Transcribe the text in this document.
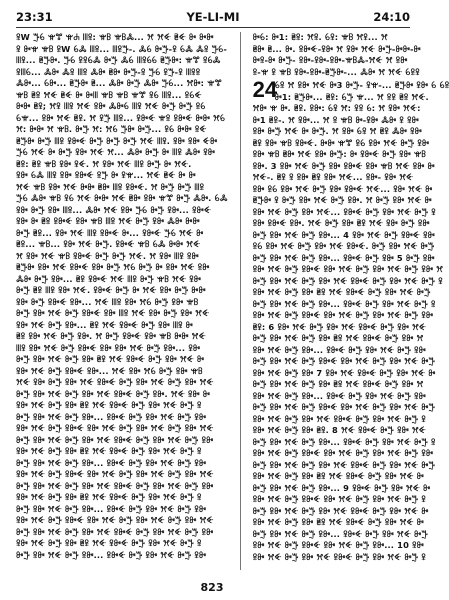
23:31	YE-LI-MI	24:10
ꕉW ꔓꕃ ꕍꔅ ꕍꕈ ꔖꕉ: ꕍꕗ ꕍꕗꔆ... ꕮ ꕮꔾ ꕇꔾ ꔻ ꔻꔻ
ꕉ ꔻꕍ ꕍꕗ ꕉW ꕃꔆ ꔖꕉ... ꔖꕉꔓ-. ꔆꕃ ꔻꔓ-ꕉ ꕃꔆ ꔆꕉ ꔓꕃ-
ꔖꕉ... ꕇꔓꔻ. ꔓꕃ ꕉꕉꕃꔆ ꔻꔓ ꔆꕃ ꔖꕉꕃꕃ ꕇꔓꔻ: ꕍꔅ ꕉꕃꔆ
ꕉꔖꕃ... ꔆꔻ ꔆꕉ ꔖꕉ ꔆꔻ ꕇꔻ ꔻꔓ-ꕉ ꔓꕃ ꕉꔓ-ꕉ ꔖꕉꕉ
ꔆꔻ... ꕃꔻ... ꕇꔓꔻ ꕇ... ꔆꔻ ꔻꔓ ꔆꔻ ꔓꕃ... ꕮꔻ: ꕍꔅ
ꕍꕗ ꕇꕉ ꕮꔾ ꕇꔾ ꔻ ꔻꔖ ꕍꕗ ꕍꕗ ꕍꔅ ꕉꕃ ꔖꕉ... ꕉꕃꔾ
ꔻꔻ ꕇꕉ; ꕮꕉ ꔖꕉ ꕮꔾ ꕉꔻ ꔆꔻꕃ ꔖꕉ ꕮꔾ ꔻꔓ ꔻꔓ ꕉꕃ
ꕃꕍ... ꕉꔻ ꕮꔾ ꕇꕉ. ꕮ ꕉꔓ ꔖꕉ... ꕉꔻꔾ ꕍꕉ ꕉꔻꔾ ꔻꔻ ꕮꕃ
ꕮ: ꔻꔻ ꕮ ꕍꕗ. ꔻꔓ ꕮ: ꕮꕃ ꔓꔻ ꔻꔓ... ꕉꕃ ꔻꔻ ꕉꔾ
ꕇꔓꔻ ꔻꔓ ꔖꕉ ꕉꔻꔾ ꔻꔓ ꔻꔓ ꔻꔓ ꕮꔾ ꔖꕉ. ꕉꔻ ꕉꔻ ꔾꔻ
ꔓꕃ ꕮꔾ ꔻ ꔻꔓ ꕉꔻ ꕮꔾ ꕮ... ꔆꔻ ꔻꔓ ꔻ ꔖꕉ ꔆꔻ ꕉꔻ
ꕇꕉ: ꕇꕉ ꕍꕗ ꕉꔻ ꕉꔾ. ꕮ ꕉꔻ ꕮꔾ ꔖꕉ ꔻꔓ ꔻ ꕮꔾ.
ꕉꔻ ꕃꔆ ꔖꕉ ꕉꔻ ꕉꔻꔾ ꕉꔓ ꔻ ꕉꕍ... ꕮꔾ ꕇꔾ ꔻ ꔻ
ꕮꔾ ꕍꕗ ꕉꔻ ꕮꔾ ꔻꔻ ꕇꔻ ꔖꕉ ꕉꔻꔾ. ꕮ ꔻꔓ ꔻꔓ ꔖꕉ
ꔓꕃ ꔆꔻ ꕍꕗ ꕉꕃ ꕮꔾ ꔻꔻ ꕮꔾ ꕇꔻ ꕉꔻ ꕍꔅ ꔻꔓ ꔆꔻ. ꕃꔆ
ꕉꔻ ꔻꔓ ꕉꔻ ꔖꕉ... ꔆꔻ ꕮꔾ ꕉꔻ ꔓꕃ ꔻꔓ ꕉꔻ... ꕉꔻꔾ
ꕉꔻ ꔻ ꕇꕉ ꕉꔻꔾ ꕉꔻ ꕍꕗ ꔖꕉ ꕮꔾ ꔻꔓ ꕉꔻ ꔆꔻ ꔻꔻ
ꔻꔓ ꕇꕉ... ꕉꔻ ꕮꔾ ꔖꕉ ꕉꔻꔾ ꔻ... ꕉꔻꔾ ꔓꕃ ꕮꔾ ꔻ
ꕇꕉ... ꕍꕗ... ꕉꔻ ꕮꔾ ꔻꔓ. ꕉꔻꔾ ꕍꕗ ꕃꔆ ꔻꔻ ꕮꔾ
ꕮ ꕉꔻ ꕮꔾ ꕍꕗ ꕉꔻꔾ ꔻꔓ ꔻꔓ ꕮꔾ. ꕮ ꕉꔻ ꔖꕉ ꕉꔻ
ꕇꔓꔻ ꕉꔻ ꕮꔾ ꕉꔻꔾ ꕉꔻ ꔻꔓ ꕮꕃ ꔻꔓ ꔻ ꕉꔻ ꕮꔾ ꕉꔻ
ꔆꔻ ꔻꔓ ꕉꔻ... ꕇꕉ ꕉꔻꔾ ꕮꔾ ꔖꕉ ꔻꔓ ꕍꕗ ꕮꔾ ꕉꔻ
ꔻꔓ ꕇꕉ ꔖꕉ ꕉꔻ ꕮꔾ. ꕉꔻꔾ ꔻꔓ ꔻ ꕮꔾ ꕉꔻ ꔻꔓ ꔻꔻ
ꕉꔻ ꔻꔓ ꕉꔻꔾ ꕉꔻ... ꕮꔾ ꔖꕉ ꕉꔻ ꕮꕃ ꔻꔓ ꕉꔻ ꕍꕗ
ꔻꔓ ꕉꔻ ꕮꔾ ꔻꔓ ꕉꔻꔾ ꕉꔻ ꔖꕉ ꕮꔾ ꕉꔻ ꔻꔓ ꕉꔻ ꕮꔾ
ꕉꔻ ꕮꔾ ꔻꔓ ꕉꔻ... ꕇꕉ ꕮꔾ ꕉꔻꔾ ꔻꔓ ꕉꔻ ꔖꕉ ꔻ
ꕇꕉ ꕉꔻ ꕮꔾ ꔻꔓ ꕉꔻ. ꕮ ꔻꔓ ꕉꔻꔾ ꕉꔻ ꕍꕗ ꔻꔻ ꕮꔾ
ꔖꕉ ꕉꔻ ꕮꔾ ꔻꔓ ꕉꔻꔾ ꕉꔻ ꕉꔻ ꕮꔾ ꔻꔓ ꕉꔻ... ꕉꔻ
ꔻꔓ ꕉꔻ ꕮꔾ ꔻꔓ ꕉꔻ ꕇꕉ ꕮꔾ ꕉꔻꔾ ꔻꔓ ꕉꔻ ꕮꔾ ꔻ
ꕉꔻ ꕮꔾ ꔻꔓ ꕉꔻꔾ ꕉꔻ... ꕮꔾ ꕉꔻ ꕮꕃ ꔻꔓ ꕉꔻ ꕍꕗ
ꕮꔾ ꕉꔻ ꔻꔓ ꕉꔻ ꕮꔾ ꕉꔻꔾ ꔻꔓ ꕉꔻ ꕮꔾ ꔻꔓ ꕉꔻ ꕮꔾ
ꔻꔓ ꕉꔻ ꕮꔾ ꔻꔓ ꕉꔻ ꕮꔾ ꕉꔻꔾ ꔻꔓ ꕉꔻ. ꕮꔾ ꕉꔻ ꔻ
ꕉꔻ ꕮꔾ ꔻꔓ ꕉꔻ ꕇꕉ ꕮꔾ ꕉꔻꔾ ꔻꔓ ꕉꔻ ꕮꔾ ꔻꔓ ꕉ
ꔻꔓ ꕉꔻ ꕮꔾ ꔻꔓ ꕉꔻ... ꕉꔻꔾ ꔻꔓ ꕉꔻ ꕮꔾ ꔻꔓ ꕉꔻ
ꕉꔻ ꕮꔾ ꔻꔓ ꕉꔻꔾ ꕉꔻ ꕮꔾ ꔻꔓ ꕉꔻ ꕮꔾ ꔻꔓ ꕉꔻ ꕮꔾ
ꔻꔓ ꕉꔻ ꕮꔾ ꔻꔓ ꕉꔻ ꕮꔾ ꕉꔻꔾ ꔻꔓ ꕉꔻ ꕮꔾ ꔻꔓ ꕉꔻ
ꕉꔻ ꕮꔾ ꔻꔓ ꕉꔻ ꕇꕉ ꕮꔾ ꕉꔻꔾ ꔻꔓ ꕉꔻ ꕮꔾ ꔻꔓ ꕉ
ꔻꔓ ꕉꔻ ꕮꔾ ꔻꔓ ꕉꔻ... ꕉꔻꔾ ꔻꔓ ꕉꔻ ꕮꔾ ꔻꔓ ꕉꔻ
ꕉꔻ ꕮꔾ ꔻꔓ ꕉꔻꔾ ꕉꔻ ꕮꔾ ꔻꔓ ꕉꔻ ꕮꔾ ꔻꔓ ꕉꔻ ꕮꔾ
ꔻꔓ ꕉꔻ ꕮꔾ ꔻꔓ ꕉꔻ ꕮꔾ ꕉꔻꔾ ꔻꔓ ꕉꔻ ꕮꔾ ꔻꔓ ꕉꔻ
ꕉꔻ ꕮꔾ ꔻꔓ ꕉꔻ ꕇꕉ ꕮꔾ ꕉꔻꔾ ꔻꔓ ꕉꔻ ꕮꔾ ꔻꔓ ꕉ
ꔻꔓ ꕉꔻ ꕮꔾ ꔻꔓ ꕉꔻ... ꕉꔻꔾ ꔻꔓ ꕉꔻ ꕮꔾ ꔻꔓ ꕉꔻ
ꕉꔻ ꕮꔾ ꔻꔓ ꕉꔻꔾ ꕉꔻ ꕮꔾ ꔻꔓ ꕉꔻ ꕮꔾ ꔻꔓ ꕉꔻ ꕮꔾ
ꔻꔓ ꕉꔻ ꕮꔾ ꔻꔓ ꕉꔻ ꕮꔾ ꕉꔻꔾ ꔻꔓ ꕉꔻ ꕮꔾ ꔻꔓ ꕉꔻ
ꕉꔻ ꕮꔾ ꔻꔓ ꕉꔻ ꕇꕉ ꕮꔾ ꕉꔻꔾ ꔻꔓ ꕉꔻ ꕮꔾ ꔻꔓ ꕉ
ꔻꔓ ꕉꔻ ꕮꔾ ꔻꔓ ꕉꔻ... ꕉꔻꔾ ꔻꔓ ꕉꔻ ꕮꔾ ꔻꔓ ꕉꔻ
ꔻꕃ: ꔻ1: ꕇꕉ: ꕮꕉ. ꕃꕉ: ꕍꕗ ꕮꕉ... ꕮ
ꕇꔻ ꕇ... ꔻ. ꕉꔻꔾ-ꕉꔻ ꕮ ꕉꔻ ꕮꔾ ꔻꔓ-ꔻꔻ-ꔻ
ꔻꕉ-ꔻ ꔻꔓ- ꕉꔻ-ꕉꔻ-ꕉꔻ-ꕍꕗꔆ-ꕮꔾ ꕮ ꕉꔻ
ꕉ-ꕍ ꕉ ꕍꕗ ꕉꔻ-ꕉꔻ-ꕇꔓꔻ-... ꔆꔻ ꕮ ꕮꔾ ꕃꕉꕉ
24
ꕃꕉ ꕮ ꕉꔻ ꕮꔾ ꔻ3 ꔻꔓ- ꕉꕍ-... ꕇꔓꔻ ꕉꔻ ꕃ ꕃꕉ
ꔻ1: ꕇꔓꔻ... ꕇꕉ: ꕃꔓ ꕍ... ꕮ ꕉꕉ ꕇꕉ ꕮꔾ.
ꕮꔻ ꕍ ꔻ. ꕇꕉ. ꕉꔻ: ꕃꕉ ꕮ: ꕉꕉ ꕃ: ꕮ ꕉꔻ ꕮꔾ:
ꔻ1 ꕇꕉ-. ꕮ ꕉꔻ... ꕮ ꕉ ꕍꕗ ꔻ-ꕉꔻ ꔆꔻ ꕉ ꕉꔻ
ꕉꔻ ꔻꔓ ꕮꔾ ꔻ ꔻꔓ. ꕮ ꕉꔻ ꕃꕉ ꕮ ꕇꕉ ꔆꔻ ꕉꔻ
ꕇꕉ ꕉꔻ ꕍꕗ ꕉꔻꔾ. ꔻꔻ ꕍꔅ ꕉꕃ ꕉꔻ ꕮꔾ ꔻꔓ ꕉꔻ
ꕉꔻ ꕍꕗ ꕇꔻ ꕮꔾ ꕉꔻ ꔻꔓ: ꔻ ꕉꔻꔾ ꔻꔓ ꕉꔻ ꕍꕗ
ꕉꔻ. 3 ꕉꔻ ꕮꔾ ꔻꔓ ꕉꔻ ꕉꔻꔾ ꕉꔻ ꕍꕗ ꕮꔾ ꕉꔻ ꔻ
ꕮꔾ-. ꕇꕉ ꕉ ꕉꔻ ꕇꕉ ꕉꔻ ꕮꔾ... ꕉꔻ- ꕉꔻ ꕮꔾ
ꕉꔻ ꕉꕃ ꕉꔻ ꕮꔾ ꔻꔓ ꕉꔻ ꕉꔻꔾ ꕮꔾ... ꕉꔻ ꕮꔾ ꔻ
ꕇꔓꔻ ꕉ ꔻꔓ ꕉꔻ ꕮꔾ ꔻꔓ ꕉꔻ. ꕮ ꔻꔓ ꕉꔻ ꕮꔾ ꔻ
ꕉꔻ ꕮꔾ ꔻꔓ ꕉꔻ ꕮꔾ... ꕉꔻꔾ ꔻꔓ ꕉꔻ ꕮꔾ ꔻꔓ ꕉ
ꕉꔻ ꕉꔻꔾ ꕉꔻ. ꕮꔾ ꔻꔓ ꕉꔻ ꕇꕉ ꕮꔾ ꕉꔻ ꔻꔓ ꕉꔻ
ꔻꔓ ꕉꔻ ꕮꔾ ꔻꔓ ꕉꔻ... 4 ꕉꔻ ꕮꔾ ꔻꔓ ꕉꔻꔾ ꕉꔻ
ꕉꕃ ꕉꔻ ꕮꔾ ꔻꔓ ꕉꔻ ꕮꔾ ꕉꔻꔾ. ꔻꔓ ꕉꔻ ꕮꔾ ꔻꔓ
ꔻꔓ ꕉꔻ ꕮꔾ ꔻꔓ ꕉꔻ... ꕉꔻꔾ ꔻꔓ ꕉꔻ 5 ꔻꔓ ꕉꔻ
ꕉꔻ ꕮꔾ ꔻꔓ ꕉꔻꔾ ꕉꔻ ꕮꔾ ꔻꔓ ꕉꔻ ꕮꔾ ꔻꔓ ꕉꔻ ꕮ
ꔻꔓ ꕉꔻ ꕮꔾ ꔻꔓ ꕉꔻ ꕮꔾ ꕉꔻꔾ ꔻꔓ ꕉꔻ ꕮꔾ ꔻꔓ ꕉ
ꕉꔻ ꕮꔾ ꔻꔓ ꕉꔻ ꕇꕉ ꕮꔾ ꕉꔻꔾ ꔻꔓ ꕉꔻ ꕮꔾ ꔻꔓ
ꔻꔓ ꕉꔻ ꕮꔾ ꔻꔓ ꕉꔻ... ꕉꔻꔾ ꔻꔓ ꕉꔻ ꕮꔾ ꔻꔓ ꕉ
ꕉꔻ ꕮꔾ ꔻꔓ ꕉꔻꔾ ꕉꔻ ꕮꔾ ꔻꔓ ꕉꔻ ꕮꔾ ꔻꔓ ꕉꔻ
ꕇꕉ: 6 ꕉꔻ ꕮꔾ ꔻꔓ ꕉꔻ ꕮꔾ ꕉꔻꔾ ꔻꔓ ꕉꔻ ꕮꔾ
ꔻꔓ ꕉꔻ ꕮꔾ ꔻꔓ ꕉꔻ ꕇꕉ ꕮꔾ ꕉꔻꔾ ꔻꔓ ꕉꔻ ꕮ
ꕉꔻ ꕮꔾ ꔻꔓ ꕉꔻ... ꕉꔻꔾ ꔻꔓ ꕉꔻ ꕮꔾ ꔻꔓ ꕉꔻ
ꔻꔓ ꕉꔻ ꕮꔾ ꔻꔓ ꕉꔻꔾ ꕉꔻ ꕮꔾ ꔻꔓ ꕉꔻ ꕮꔾ ꔻꔓ
ꕉꔻ ꕮꔾ ꔻꔓ ꕉꔻ 7 ꕉꔻ ꕮꔾ ꕉꔻꔾ ꔻꔓ ꕉꔻ ꕮꔾ ꔻ
ꔻꔓ ꕉꔻ ꕮꔾ ꔻꔓ ꕉꔻ ꕇꕉ ꕮꔾ ꕉꔻꔾ ꔻꔓ ꕉꔻ ꕮ
ꕉꔻ ꕮꔾ ꔻꔓ ꕉꔻ... ꕉꔻꔾ ꔻꔓ ꕉꔻ ꕮꔾ ꔻꔓ ꕉꔻ
ꔻꔓ ꕉꔻ ꕮꔾ ꔻꔓ ꕉꔻꔾ ꕉꔻ ꕮꔾ ꔻꔓ ꕉꔻ ꕮꔾ ꔻꔓ
ꕉꔻ ꕮꔾ ꔻꔓ ꕉꔻ ꕮꔾ ꕉꔻꔾ ꔻꔓ ꕉꔻ ꕮꔾ ꔻꔓ ꕉ
ꕉꔻ ꕮꔾ ꔻꔓ ꕉꔻ ꕇꕉ. 8 ꕮꔾ ꕉꔻꔾ ꔻꔓ ꕉꔻ ꕮꔾ
ꔻꔓ ꕉꔻ ꕮꔾ ꔻꔓ ꕉꔻ... ꕉꔻꔾ ꔻꔓ ꕉꔻ ꕮꔾ ꔻꔓ ꕉ
ꕉꔻ ꕮꔾ ꔻꔓ ꕉꔻꔾ ꕉꔻ ꕮꔾ ꔻꔓ ꕉꔻ ꕮꔾ ꔻꔓ ꕉꔻ
ꔻꔓ ꕉꔻ ꕮꔾ ꔻꔓ ꕉꔻ ꕮꔾ ꕉꔻꔾ ꔻꔓ ꕉꔻ ꕮꔾ ꔻꔓ
ꕉꔻ ꕮꔾ ꔻꔓ ꕉꔻ ꕇꕉ ꕮꔾ ꕉꔻꔾ ꔻꔓ ꕉꔻ ꕮꔾ ꔻ
ꔻꔓ ꕉꔻ ꕮꔾ ꔻꔓ ꕉꔻ... 9 ꕉꔻꔾ ꔻꔓ ꕉꔻ ꕮꔾ ꔻ
ꕉꔻ ꕮꔾ ꔻꔓ ꕉꔻꔾ ꕉꔻ ꕮꔾ ꔻꔓ ꕉꔻ ꕮꔾ ꔻꔓ ꕉ
ꔻꔓ ꕉꔻ ꕮꔾ ꔻꔓ ꕉꔻ ꕮꔾ ꕉꔻꔾ ꔻꔓ ꕉꔻ ꕮꔾ ꔻ
ꕉꔻ ꕮꔾ ꔻꔓ ꕉꔻ ꕇꕉ ꕮꔾ ꕉꔻꔾ ꔻꔓ ꕉꔻ ꕮꔾ ꔻ
ꔻꔓ ꕉꔻ ꕮꔾ ꔻꔓ ꕉꔻ... ꕉꔻꔾ ꔻꔓ ꕉꔻ ꕮꔾ ꔻꔓ
ꕉꔻ ꕮꔾ ꔻꔓ ꕉꔻꔾ ꕉꔻ ꕮꔾ ꔻꔓ ꕉꔻ... 10 ꕉꔻ
ꕉꔻ ꕮꔾ ꔻꔓ ꕉꔻ ꕮꔾ ꕉꔻꔾ ꔻꔓ ꕉꔻ ꕮꔾ ꔻꔓ ꕉ
823
